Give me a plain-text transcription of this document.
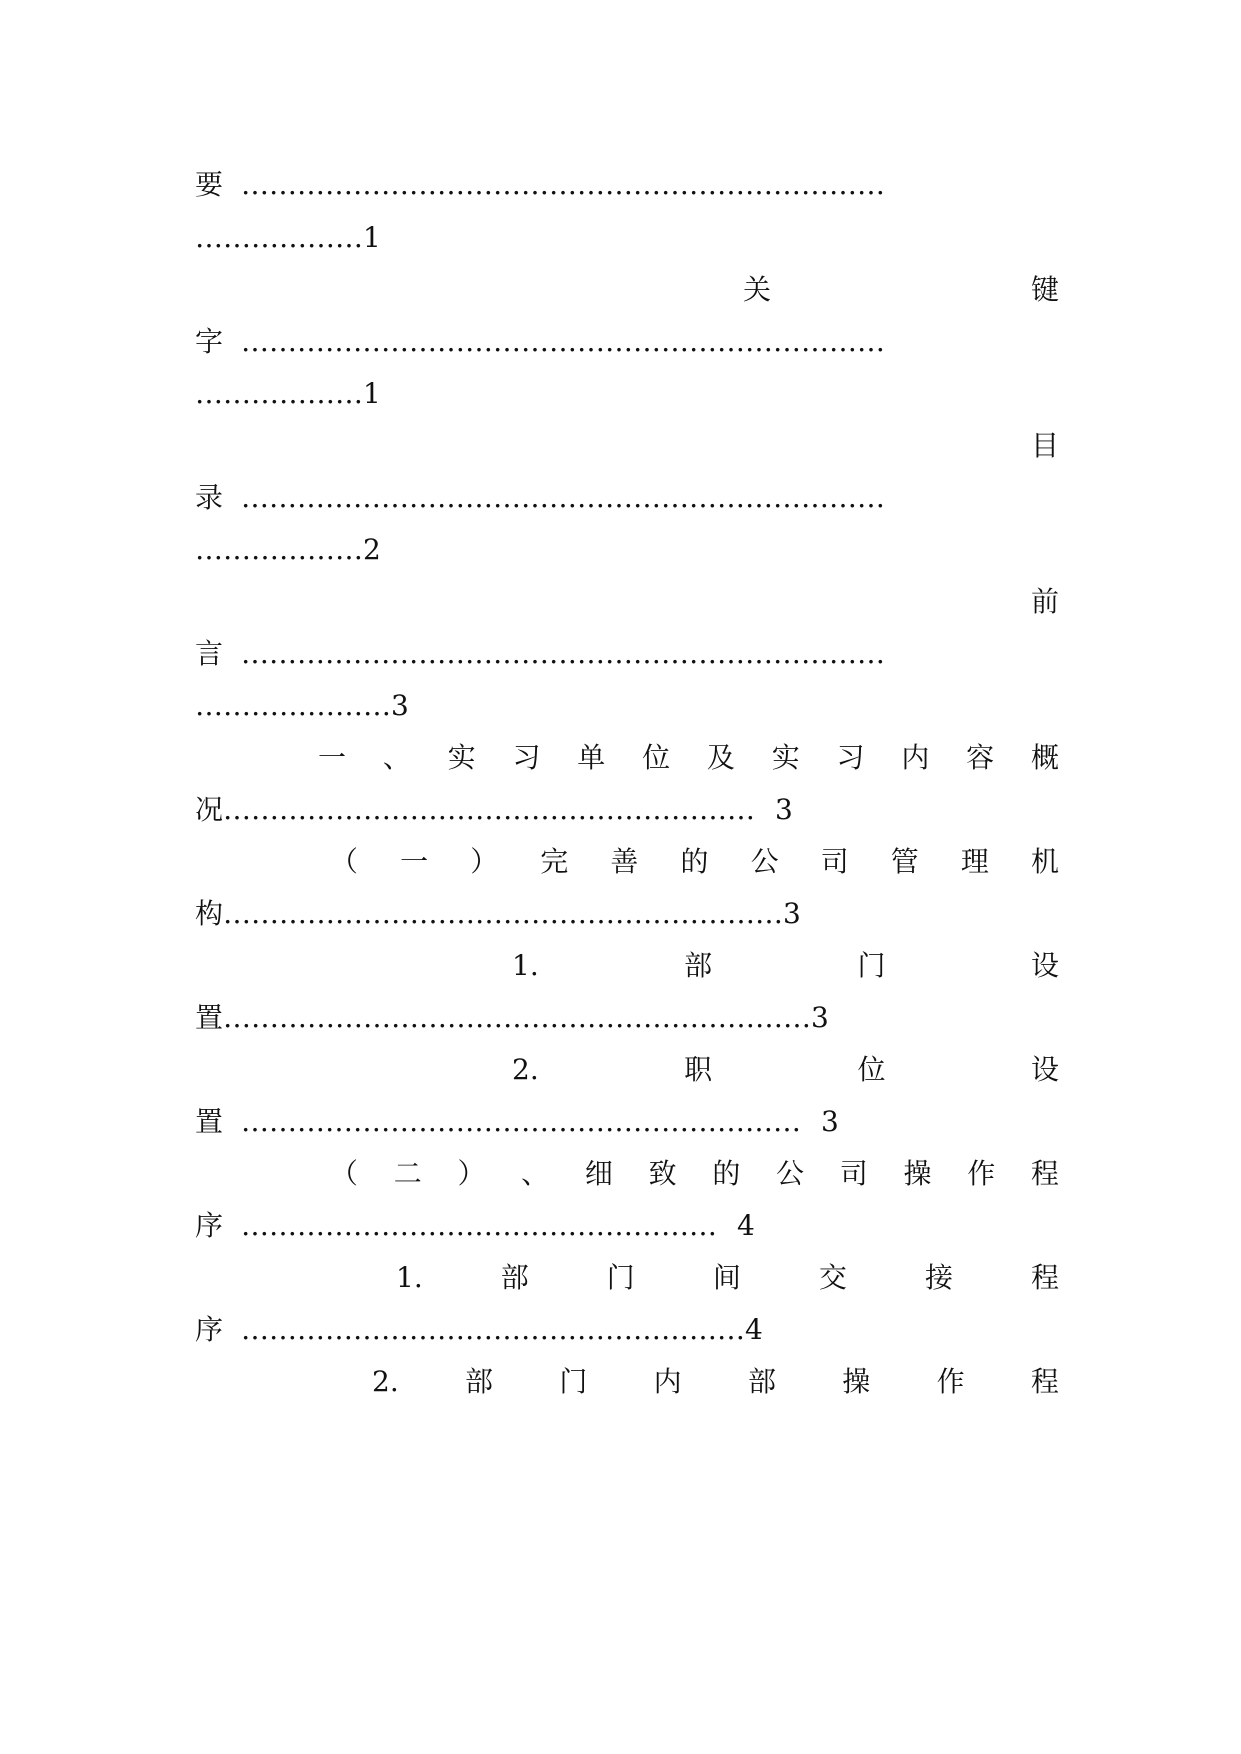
要 ……………………………………………………………
……………… 1
关	键
字 ……………………………………………………………
……………… 1
目
录 ……………………………………………………………
……………… 2
前
言 ……………………………………………………………
………………… 3
一 、 实 习 单 位 及 实 习 内 容 概
况 ………………………………………………… 3
（ 一 ） 完 善 的 公 司 管 理 机
构 …………………………………………………… 3
1.	部	门	设
置 ……………………………………………………… 3
2.	职	位	设
置 …………………………………………………… 3
（ 二 ） 、 细 致 的 公 司 操 作 程
序 …………………………………………… 4
1.	部	门	间	交	接	程
序 ……………………………………………… 4
2. 部 门 内 部 操 作 程
